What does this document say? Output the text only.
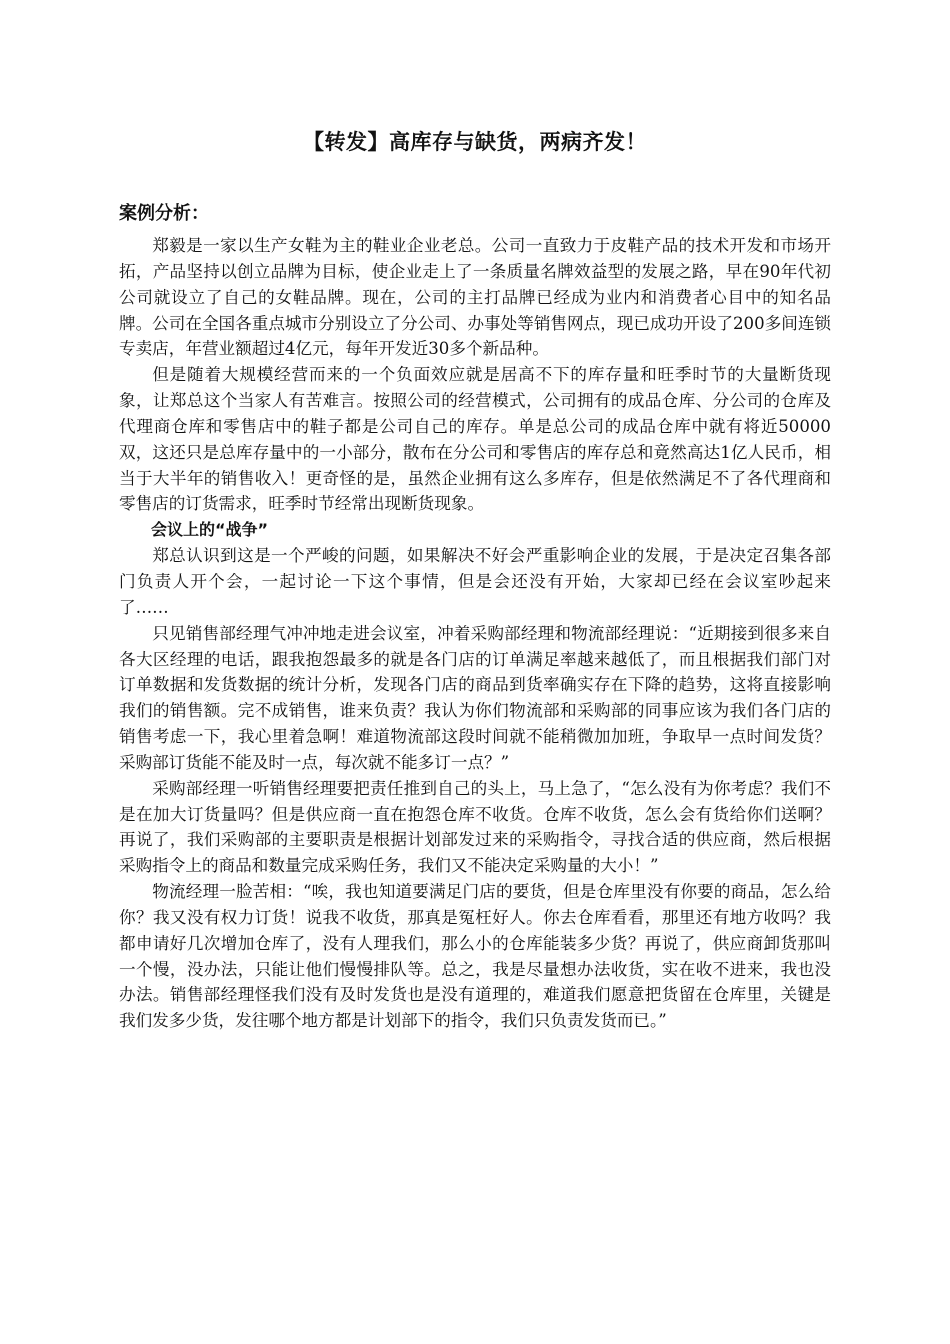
【转发】高库存与缺货，两病齐发！
案例分析：

郑毅是一家以生产女鞋为主的鞋业企业老总。公司一直致力于皮鞋产品的技术开发和市场开拓，产品坚持以创立品牌为目标，使企业走上了一条质量名牌效益型的发展之路，早在90年代初公司就设立了自己的女鞋品牌。现在，公司的主打品牌已经成为业内和消费者心目中的知名品牌。公司在全国各重点城市分别设立了分公司、办事处等销售网点，现已成功开设了200多间连锁专卖店，年营业额超过4亿元，每年开发近30多个新品种。

但是随着大规模经营而来的一个负面效应就是居高不下的库存量和旺季时节的大量断货现象，让郑总这个当家人有苦难言。按照公司的经营模式，公司拥有的成品仓库、分公司的仓库及代理商仓库和零售店中的鞋子都是公司自己的库存。单是总公司的成品仓库中就有将近50000双，这还只是总库存量中的一小部分，散布在分公司和零售店的库存总和竟然高达1亿人民币，相当于大半年的销售收入！更奇怪的是，虽然企业拥有这么多库存，但是依然满足不了各代理商和零售店的订货需求，旺季时节经常出现断货现象。

会议上的“战争”

郑总认识到这是一个严峻的问题，如果解决不好会严重影响企业的发展，于是决定召集各部门负责人开个会，一起讨论一下这个事情，但是会还没有开始，大家却已经在会议室吵起来了……

只见销售部经理气冲冲地走进会议室，冲着采购部经理和物流部经理说：“近期接到很多来自各大区经理的电话，跟我抱怨最多的就是各门店的订单满足率越来越低了，而且根据我们部门对订单数据和发货数据的统计分析，发现各门店的商品到货率确实存在下降的趋势，这将直接影响我们的销售额。完不成销售，谁来负责？我认为你们物流部和采购部的同事应该为我们各门店的销售考虑一下，我心里着急啊！难道物流部这段时间就不能稍微加加班，争取早一点时间发货？采购部订货能不能及时一点，每次就不能多订一点？”

采购部经理一听销售经理要把责任推到自己的头上，马上急了，“怎么没有为你考虑？我们不是在加大订货量吗？但是供应商一直在抱怨仓库不收货。仓库不收货，怎么会有货给你们送啊？再说了，我们采购部的主要职责是根据计划部发过来的采购指令，寻找合适的供应商，然后根据采购指令上的商品和数量完成采购任务，我们又不能决定采购量的大小！”

物流经理一脸苦相：“唉，我也知道要满足门店的要货，但是仓库里没有你要的商品，怎么给你？我又没有权力订货！说我不收货，那真是冤枉好人。你去仓库看看，那里还有地方收吗？我都申请好几次增加仓库了，没有人理我们，那么小的仓库能装多少货？再说了，供应商卸货那叫一个慢，没办法，只能让他们慢慢排队等。总之，我是尽量想办法收货，实在收不进来，我也没办法。销售部经理怪我们没有及时发货也是没有道理的，难道我们愿意把货留在仓库里，关键是我们发多少货，发往哪个地方都是计划部下的指令，我们只负责发货而已。”
